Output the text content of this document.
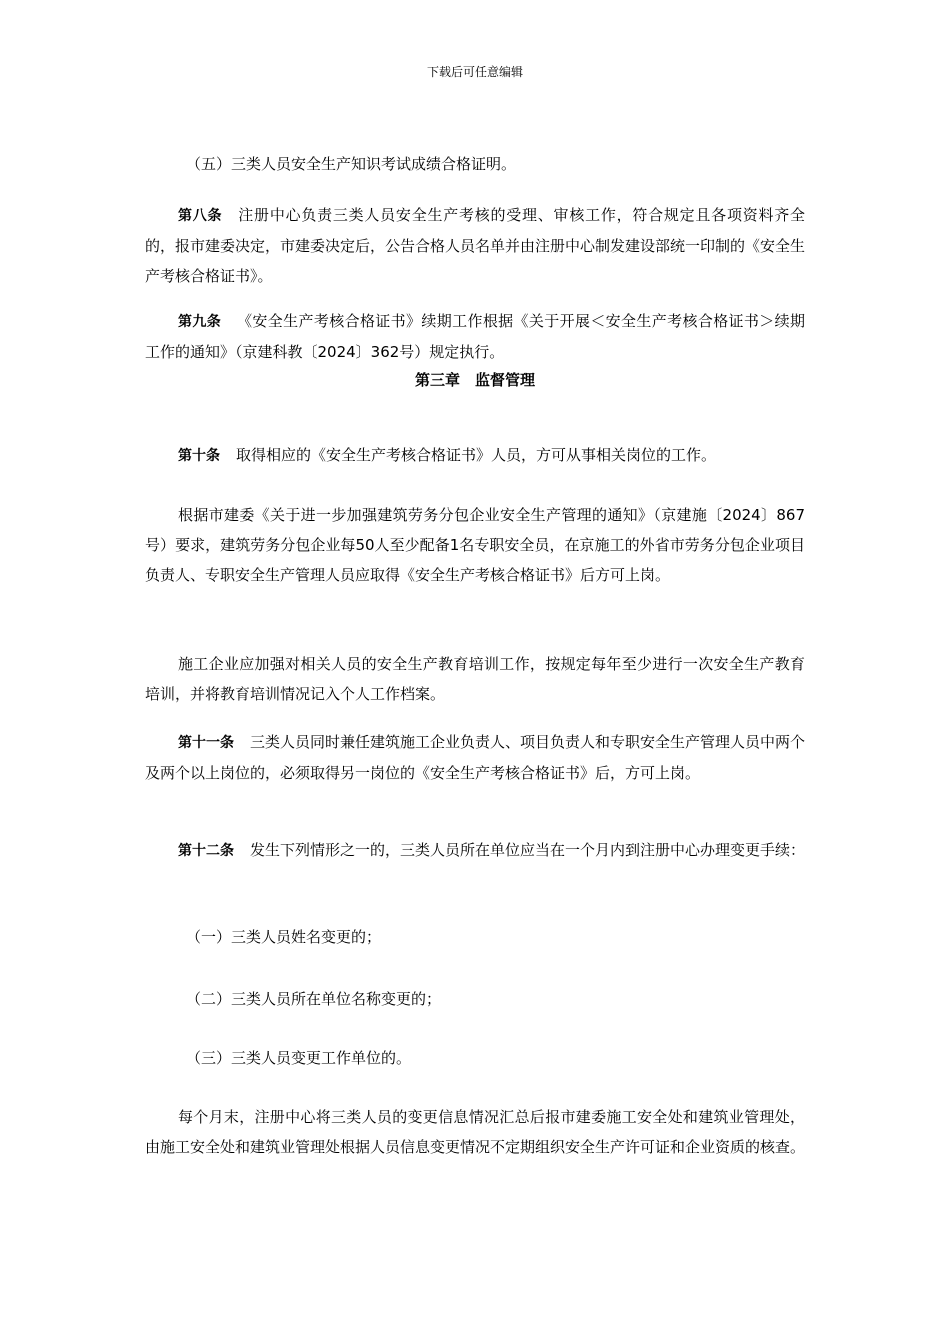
下载后可任意编辑

（五）三类人员安全生产知识考试成绩合格证明。

第八条 注册中心负责三类人员安全生产考核的受理、审核工作，符合规定且各项资料齐全的，报市建委决定，市建委决定后，公告合格人员名单并由注册中心制发建设部统一印制的《安全生产考核合格证书》。

第九条 《安全生产考核合格证书》续期工作根据《关于开展＜安全生产考核合格证书＞续期工作的通知》（京建科教〔2024〕362号）规定执行。

第三章　监督管理

第十条 取得相应的《安全生产考核合格证书》人员，方可从事相关岗位的工作。

根据市建委《关于进一步加强建筑劳务分包企业安全生产管理的通知》（京建施〔2024〕867号）要求，建筑劳务分包企业每50人至少配备1名专职安全员，在京施工的外省市劳务分包企业项目负责人、专职安全生产管理人员应取得《安全生产考核合格证书》后方可上岗。

施工企业应加强对相关人员的安全生产教育培训工作，按规定每年至少进行一次安全生产教育培训，并将教育培训情况记入个人工作档案。

第十一条 三类人员同时兼任建筑施工企业负责人、项目负责人和专职安全生产管理人员中两个及两个以上岗位的，必须取得另一岗位的《安全生产考核合格证书》后，方可上岗。

第十二条 发生下列情形之一的，三类人员所在单位应当在一个月内到注册中心办理变更手续：

（一）三类人员姓名变更的；

（二）三类人员所在单位名称变更的；

（三）三类人员变更工作单位的。

每个月末，注册中心将三类人员的变更信息情况汇总后报市建委施工安全处和建筑业管理处，由施工安全处和建筑业管理处根据人员信息变更情况不定期组织安全生产许可证和企业资质的核查。
